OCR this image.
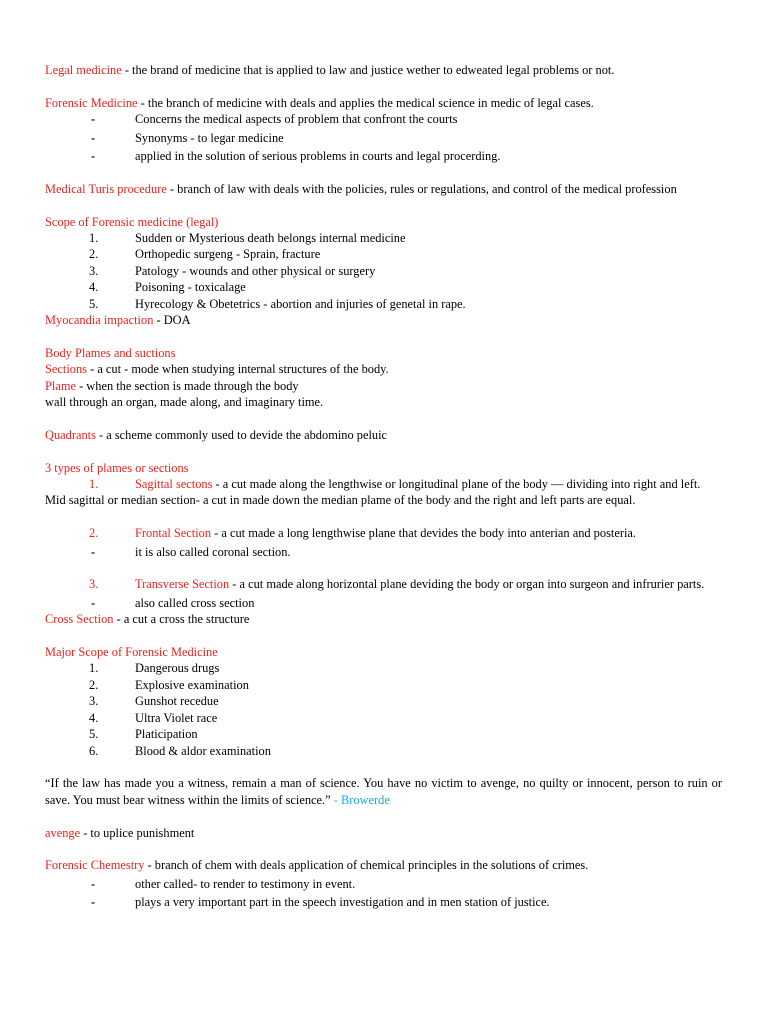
Legal medicine - the brand of medicine that is applied to law and justice wether to edweated legal problems or not.

Forensic Medicine - the branch of medicine with deals and applies the medical science in medic of legal cases.

-	Concerns the medical aspects of problem that confront the courts
-	Synonyms - to legar medicine
-	applied in the solution of serious problems in courts and legal procerding.

Medical Turis procedure - branch of law with deals with the policies, rules or regulations, and control of the medical profession

Scope of Forensic medicine (legal)

1.	Sudden or Mysterious death belongs internal medicine
2.	Orthopedic surgeng - Sprain, fracture
3.	Patology - wounds and other physical or surgery
4.	Poisoning - toxicalage
5.	Hyrecology & Obetetrics - abortion and injuries of genetal in rape.

Myocandia impaction - DOA

Body Plames and suctions

Sections - a cut - mode when studying internal structures of the body.

Plame - when the section is made through the body

wall through an organ, made along, and imaginary time.

Quadrants - a scheme commonly used to devide the abdomino peluic

3 types of plames or sections

1.	Sagittal sectons - a cut made along the lengthwise or longitudinal plane of the body — dividing into right and left.

Mid sagittal or median section- a cut in made down the median plame of the body and the right and left parts are equal.

2.	Frontal Section - a cut made a long lengthwise plane that devides the body into anterian and posteria.

-	it is also called coronal section.

3.	Transverse Section - a cut made along horizontal plane deviding the body or organ into surgeon and infrurier parts.

-	also called cross section

Cross Section - a cut a cross the structure

Major Scope of Forensic Medicine

1.	Dangerous drugs
2.	Explosive examination
3.	Gunshot recedue
4.	Ultra Violet race
5.	Platicipation
6.	Blood & aldor examination

“If the law has made you a witness, remain a man of science. You have no victim to avenge, no quilty or innocent, person to ruin or save. You must bear witness within the limits of science.” - Browerde

avenge - to uplice punishment

Forensic Chemestry - branch of chem with deals application of chemical principles in the solutions of crimes.

-	other called- to render to testimony in event.
-	plays a very important part in the speech investigation and in men station of justice.
